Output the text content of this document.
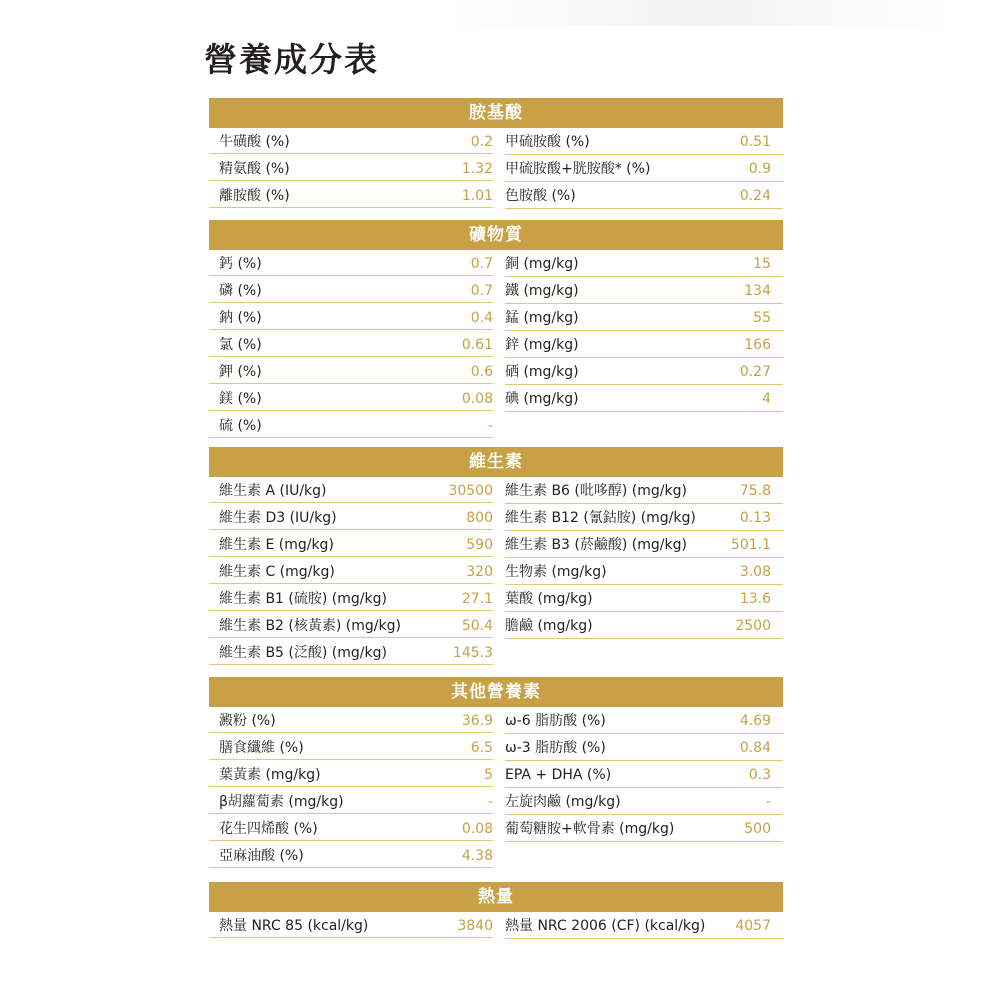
營養成分表
胺基酸
牛磺酸 (%)	0.2 甲硫胺酸 (%)	0.51
精氨酸 (%)	1.32 甲硫胺酸+胱胺酸* (%)	0.9
離胺酸 (%)	1.01 色胺酸 (%)	0.24
礦物質
鈣 (%)	0.7 銅 (mg/kg)	15
磷 (%)	0.7 鐵 (mg/kg)	134
鈉 (%)	0.4 錳 (mg/kg)	55
氯 (%)	0.61 鋅 (mg/kg)	166
鉀 (%)	0.6 硒 (mg/kg)	0.27
鎂 (%)	0.08 碘 (mg/kg)	4
硫 (%)	-
維生素
維生素 A (IU/kg)	30500 維生素 B6 (吡哆醇) (mg/kg)	75.8
維生素 D3 (IU/kg)	800 維生素 B12 (氰鈷胺) (mg/kg)	0.13
維生素 E (mg/kg)	590 維生素 B3 (菸鹼酸) (mg/kg)	501.1
維生素 C (mg/kg)	320 生物素 (mg/kg)	3.08
維生素 B1 (硫胺) (mg/kg)	27.1 葉酸 (mg/kg)	13.6
維生素 B2 (核黃素) (mg/kg)	50.4 膽鹼 (mg/kg)	2500
維生素 B5 (泛酸) (mg/kg)	145.3
其他營養素
澱粉 (%)	36.9 ω-6 脂肪酸 (%)	4.69
膳食纖維 (%)	6.5 ω-3 脂肪酸 (%)	0.84
葉黃素 (mg/kg)	5 EPA + DHA (%)	0.3
β胡蘿蔔素 (mg/kg)	- 左旋肉鹼 (mg/kg)	-
花生四烯酸 (%)	0.08 葡萄糖胺+軟骨素 (mg/kg)	500
亞麻油酸 (%)	4.38
熱量
熱量 NRC 85 (kcal/kg)	3840 熱量 NRC 2006 (CF) (kcal/kg)	4057
